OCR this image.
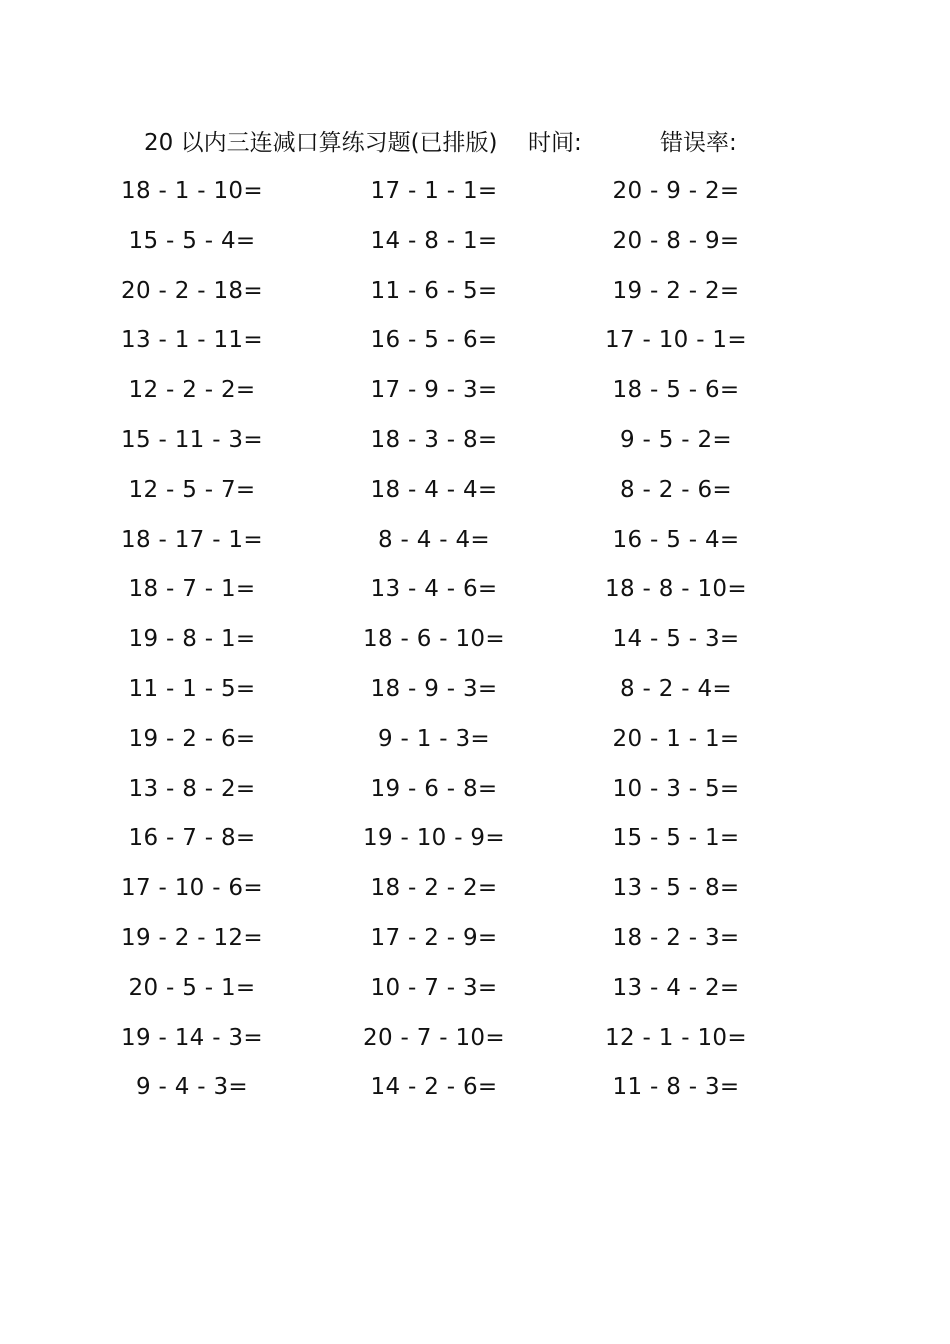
20 以内三连减口算练习题(已排版) 时间:	错误率:
18 - 1 - 10=
15 - 5 - 4=
20 - 2 - 18=
13 - 1 - 11=
12 - 2 - 2=
15 - 11 - 3=
12 - 5 - 7=
18 - 17 - 1=
18 - 7 - 1=
19 - 8 - 1=
11 - 1 - 5=
19 - 2 - 6=
13 - 8 - 2=
16 - 7 - 8=
17 - 10 - 6=
19 - 2 - 12=
20 - 5 - 1=
19 - 14 - 3=
9 - 4 - 3=
17 - 1 - 1=
14 - 8 - 1=
11 - 6 - 5=
16 - 5 - 6=
17 - 9 - 3=
18 - 3 - 8=
18 - 4 - 4=
8 - 4 - 4=
13 - 4 - 6=
18 - 6 - 10=
18 - 9 - 3=
9 - 1 - 3=
19 - 6 - 8=
19 - 10 - 9=
18 - 2 - 2=
17 - 2 - 9=
10 - 7 - 3=
20 - 7 - 10=
14 - 2 - 6=
20 - 9 - 2=
20 - 8 - 9=
19 - 2 - 2=
17 - 10 - 1=
18 - 5 - 6=
9 - 5 - 2=
8 - 2 - 6=
16 - 5 - 4=
18 - 8 - 10=
14 - 5 - 3=
8 - 2 - 4=
20 - 1 - 1=
10 - 3 - 5=
15 - 5 - 1=
13 - 5 - 8=
18 - 2 - 3=
13 - 4 - 2=
12 - 1 - 10=
11 - 8 - 3=
